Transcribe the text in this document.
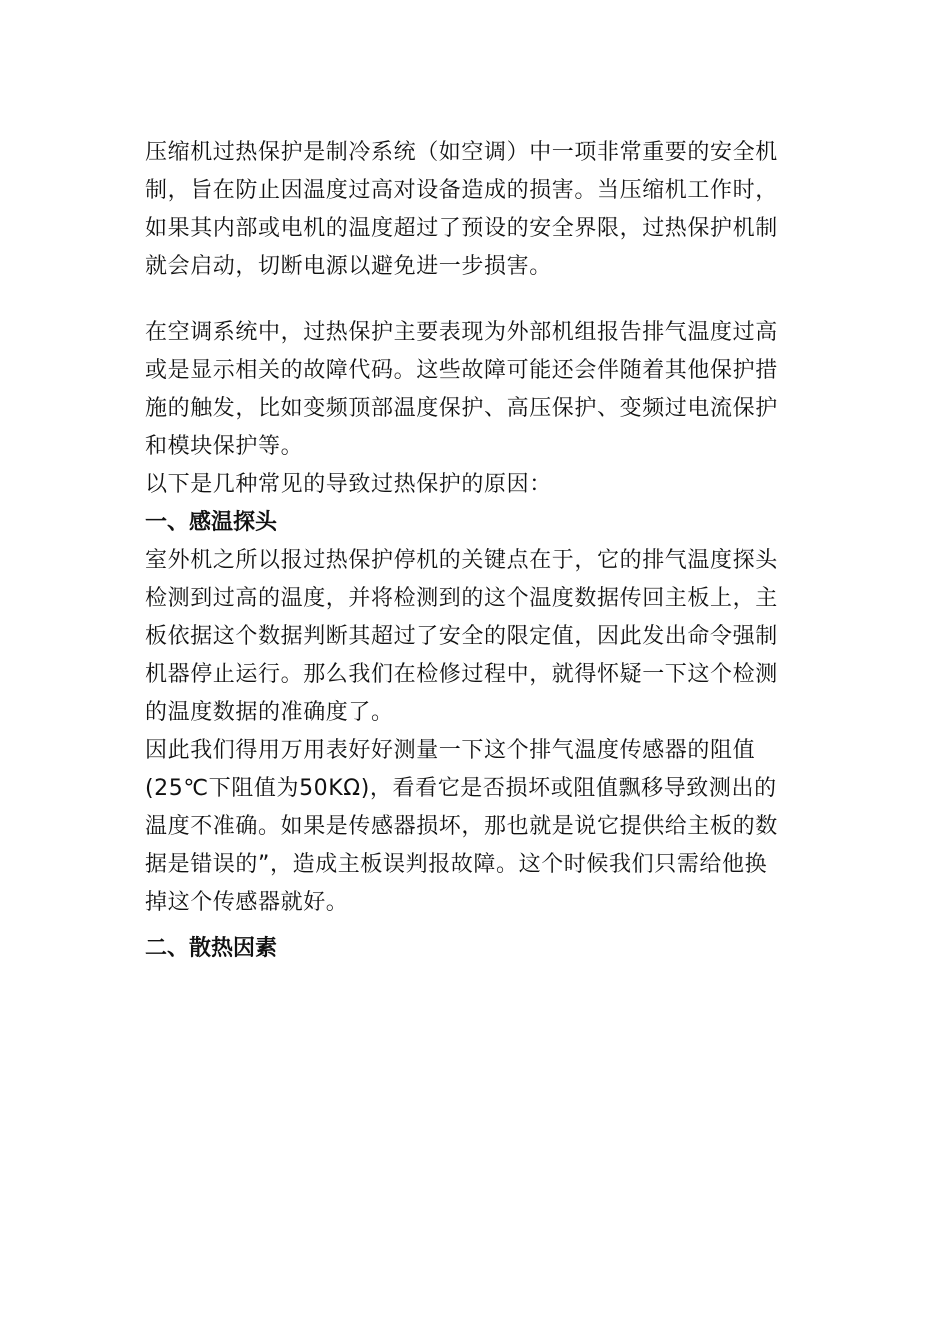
压缩机过热保护是制冷系统（如空调）中一项非常重要的安全机
制，旨在防止因温度过高对设备造成的损害。当压缩机工作时，
如果其内部或电机的温度超过了预设的安全界限，过热保护机制
就会启动，切断电源以避免进一步损害。

在空调系统中，过热保护主要表现为外部机组报告排气温度过高
或是显示相关的故障代码。这些故障可能还会伴随着其他保护措
施的触发，比如变频顶部温度保护、高压保护、变频过电流保护
和模块保护等。

以下是几种常见的导致过热保护的原因：

一、感温探头

室外机之所以报过热保护停机的关键点在于，它的排气温度探头
检测到过高的温度，并将检测到的这个温度数据传回主板上，主
板依据这个数据判断其超过了安全的限定值，因此发出命令强制
机器停止运行。那么我们在检修过程中，就得怀疑一下这个检测
的温度数据的准确度了。

因此我们得用万用表好好测量一下这个排气温度传感器的阻值
(25℃下阻值为50KΩ)，看看它是否损坏或阻值飘移导致测出的
温度不准确。如果是传感器损坏，那也就是说它提供给主板的数
据是错误的”，造成主板误判报故障。这个时候我们只需给他换
掉这个传感器就好。

二、散热因素
